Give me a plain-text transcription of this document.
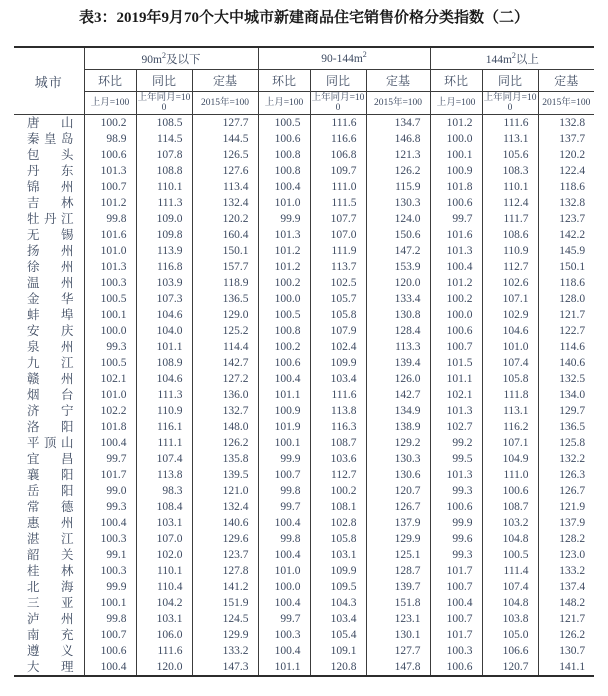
表3：2019年9月70个大中城市新建商品住宅销售价格分类指数（二）
城市	$90m^2$及以下			$90-144m^2$			$144m^2$以上		
	环比	同比	定基	环比	同比	定基	环比	同比	定基
	上月=100	上年同月=100	2015年=100	上月=100	上年同月=100	2015年=100	上月=100	上年同月=100	2015年=100

唐 山	100.2	108.5	127.7	100.5	111.6	134.7	101.2	111.6	132.8

秦 皇 岛	98.9	114.5	144.5	100.6	116.6	146.8	100.0	113.1	137.7

包 头	100.6	107.8	126.5	100.8	106.8	121.3	100.1	105.6	120.2

丹 东	101.3	108.8	127.6	100.8	109.7	126.2	100.9	108.3	122.4

锦 州	100.7	110.1	113.4	100.4	111.0	115.9	101.8	110.1	118.6

吉 林	101.2	111.3	132.4	101.0	111.5	130.3	100.6	112.4	132.8

牡 丹 江	99.8	109.0	120.2	99.9	107.7	124.0	99.7	111.7	123.7

无 锡	101.6	109.8	160.4	101.3	107.0	150.6	101.6	108.6	142.2

扬 州	101.0	113.9	150.1	101.2	111.9	147.2	101.3	110.9	145.9

徐 州	101.3	116.8	157.7	101.2	113.7	153.9	100.4	112.7	150.1

温 州	100.3	103.9	118.9	100.2	102.5	120.0	101.2	102.6	118.6

金 华	100.5	107.3	136.5	100.0	105.7	133.4	100.2	107.1	128.0

蚌 埠	100.1	104.6	129.0	100.5	105.8	130.8	100.0	102.9	121.7

安 庆	100.0	104.0	125.2	100.8	107.9	128.4	100.6	104.6	122.7

泉 州	99.3	101.1	114.4	100.2	102.4	113.3	100.7	101.0	114.6

九 江	100.5	108.9	142.7	100.6	109.9	139.4	101.5	107.4	140.6

赣 州	102.1	104.6	127.2	100.4	103.4	126.0	101.1	105.8	132.5

烟 台	101.0	111.3	136.0	101.1	111.6	142.7	102.1	111.8	134.0

济 宁	102.2	110.9	132.7	100.9	113.8	134.9	101.3	113.1	129.7

洛 阳	101.8	116.1	148.0	101.9	116.3	138.9	102.7	116.2	136.5

平 顶 山	100.4	111.1	126.2	100.1	108.7	129.2	99.2	107.1	125.8

宜 昌	99.7	107.4	135.8	99.9	103.6	130.3	99.5	104.9	132.2

襄 阳	101.7	113.8	139.5	100.7	112.7	130.6	101.3	111.0	126.3

岳 阳	99.0	98.3	121.0	99.8	100.2	120.7	99.3	100.6	126.7

常 德	99.3	108.4	132.4	99.7	108.1	126.7	100.6	108.7	121.9

惠 州	100.4	103.1	140.6	100.4	102.8	137.9	99.9	103.2	137.9

湛 江	100.3	107.0	129.6	99.8	105.8	129.9	99.6	104.8	128.2

韶 关	99.1	102.0	123.7	100.4	103.1	125.1	99.3	100.5	123.0

桂 林	100.3	110.1	127.8	101.0	109.9	128.7	101.7	111.4	133.2

北 海	99.9	110.4	141.2	100.0	109.5	139.7	100.7	107.4	137.4

三 亚	100.1	104.2	151.9	100.4	104.3	151.8	100.4	104.8	148.2

泸 州	99.8	103.1	124.5	99.7	103.4	123.1	100.7	103.8	121.7

南 充	100.7	106.0	129.9	100.3	105.4	130.1	101.7	105.0	126.2

遵 义	100.6	111.6	133.2	100.4	109.1	127.7	100.3	106.6	130.7

大 理	100.4	120.0	147.3	101.1	120.8	147.8	100.6	120.7	141.1
